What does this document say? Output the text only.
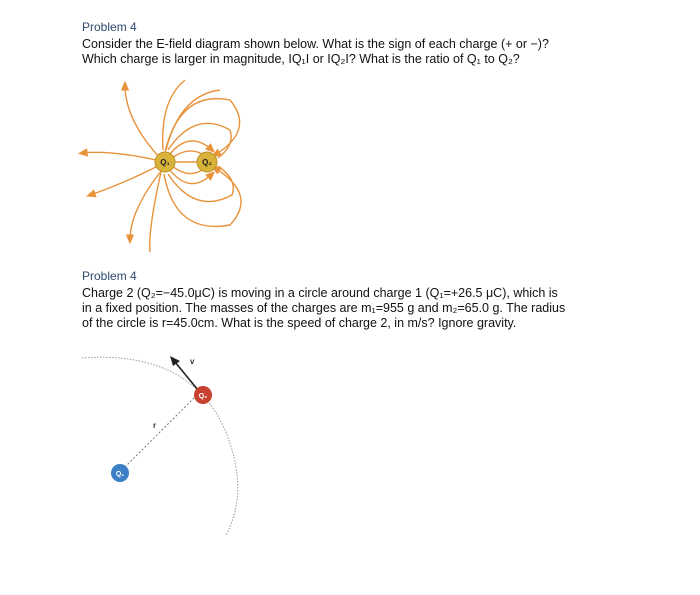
Problem 4
Consider the E-field diagram shown below. What is the sign of each charge (+ or −)?
Which charge is larger in magnitude, IQ₁I or IQ₂I? What is the ratio of Q₁ to Q₂?
Q₁	Q₂
Problem 4
Charge 2 (Q₂=−45.0μC) is moving in a circle around charge 1 (Q₁=+26.5 μC), which is
in a fixed position. The masses of the charges are m₁=955 g and m₂=65.0 g. The radius
of the circle is r=45.0cm. What is the speed of charge 2, in m/s? Ignore gravity.
r
v
Q₂
Q₁
